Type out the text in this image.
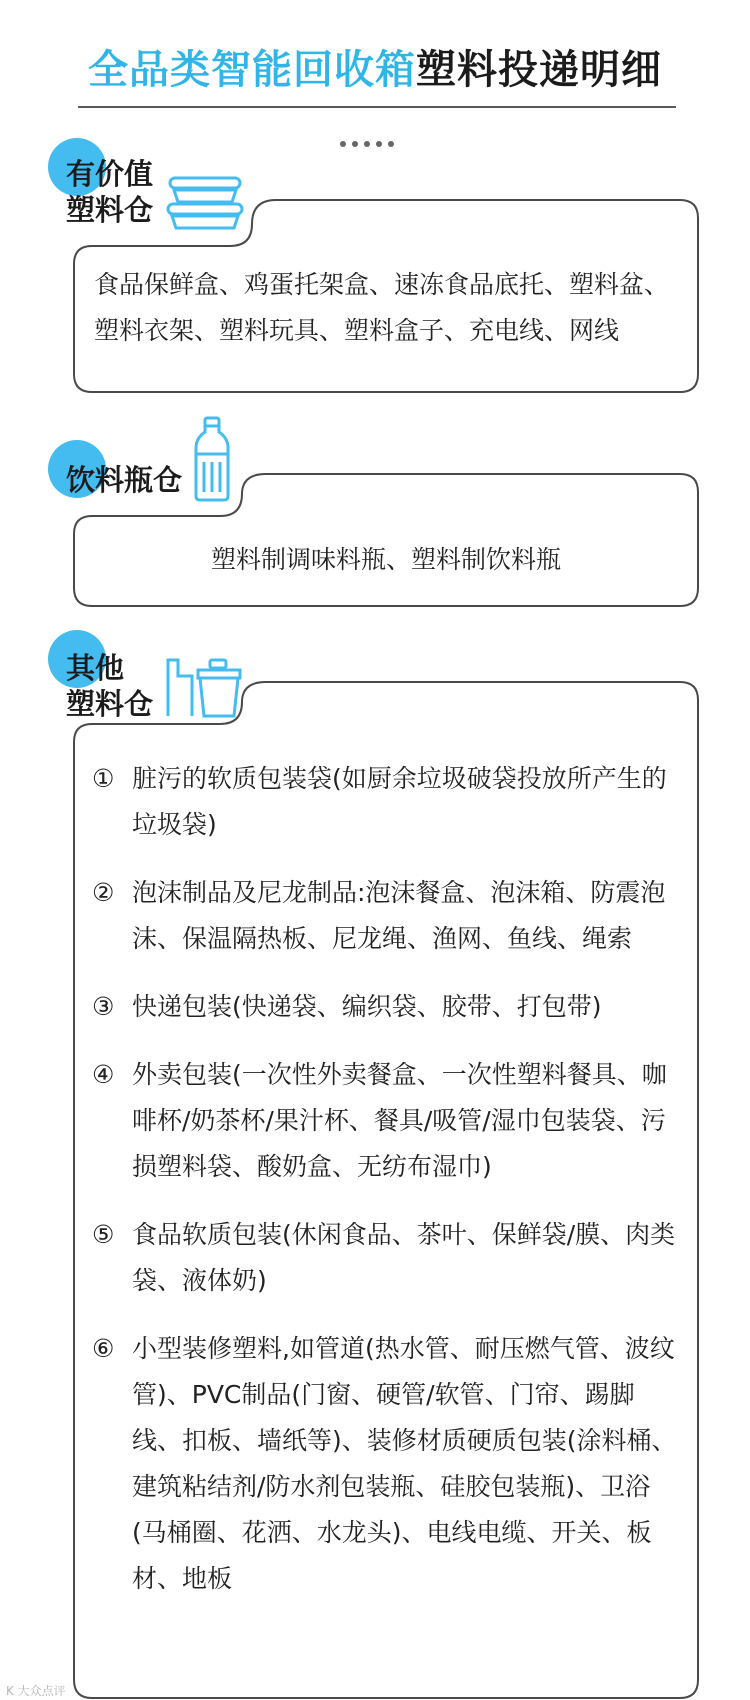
全品类智能回收箱塑料投递明细
有价值
塑料仓
食品保鲜盒、鸡蛋托架盒、速冻食品底托、塑料盆、塑料衣架、塑料玩具、塑料盒子、充电线、网线
饮料瓶仓
塑料制调味料瓶、塑料制饮料瓶
其他
塑料仓
① 脏污的软质包装袋(如厨余垃圾破袋投放所产生的垃圾袋)
② 泡沫制品及尼龙制品:泡沫餐盒、泡沫箱、防震泡沫、保温隔热板、尼龙绳、渔网、鱼线、绳索
③ 快递包装(快递袋、编织袋、胶带、打包带)
④ 外卖包装(一次性外卖餐盒、一次性塑料餐具、咖啡杯/奶茶杯/果汁杯、餐具/吸管/湿巾包装袋、污损塑料袋、酸奶盒、无纺布湿巾)
⑤ 食品软质包装(休闲食品、茶叶、保鲜袋/膜、肉类袋、液体奶)
⑥ 小型装修塑料,如管道(热水管、耐压燃气管、波纹管)、PVC制品(门窗、硬管/软管、门帘、踢脚线、扣板、墙纸等)、装修材质硬质包装(涂料桶、建筑粘结剂/防水剂包装瓶、硅胶包装瓶)、卫浴(马桶圈、花洒、水龙头)、电线电缆、开关、板材、地板
K 大众点评
